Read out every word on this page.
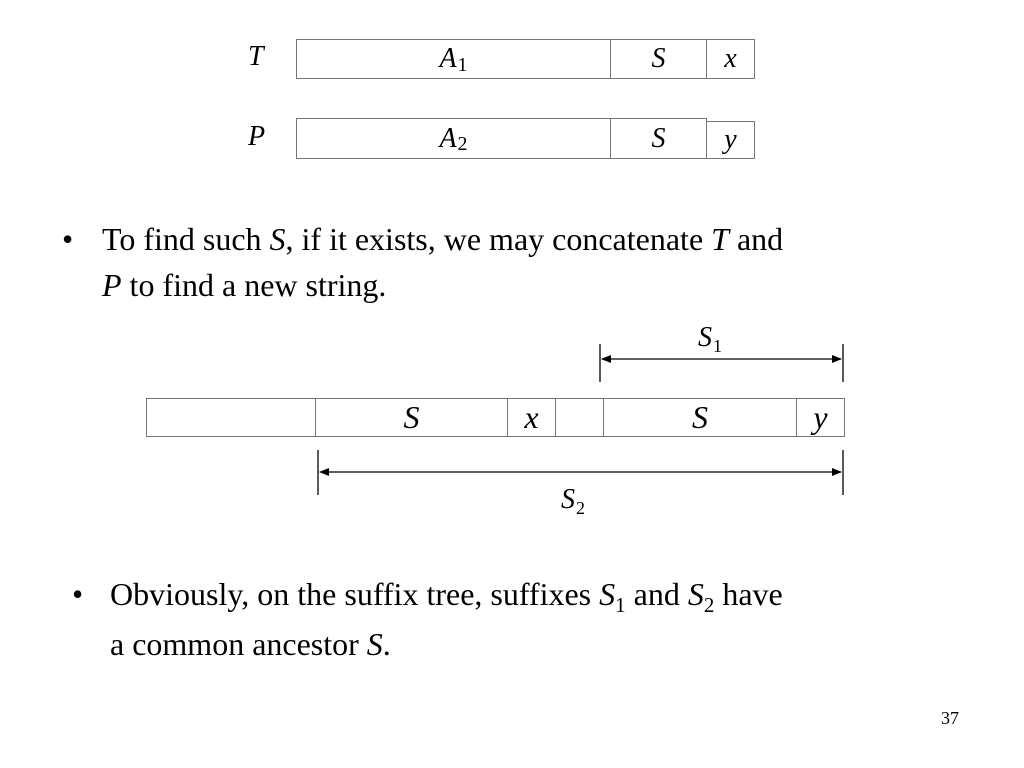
T	A 1	S	x
P	A 2	S	y
• To find such S, if it exists, we may concatenate T and
P to find a new string.
S	x	S	y
$S_1$
$S_2$
• Obviously, on the suffix tree, suffixes $S_1$ and $S_2$ have
a common ancestor S.
37
